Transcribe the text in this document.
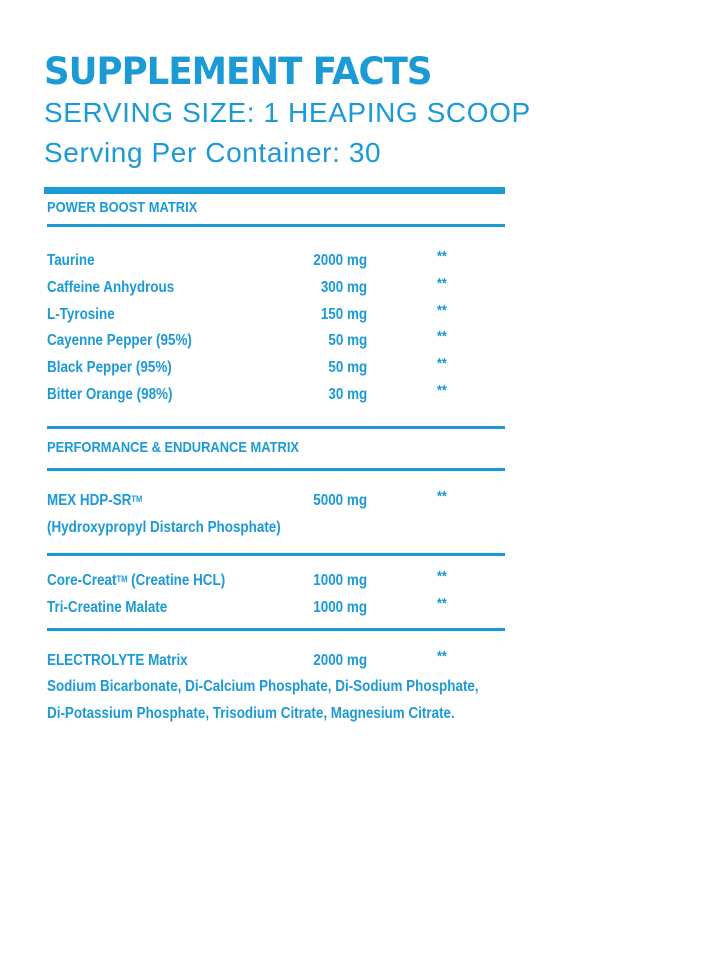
SUPPLEMENT FACTS
SERVING SIZE: 1 HEAPING SCOOP
Serving Per Container: 30
POWER BOOST MATRIX
Taurine	2000 mg	**
Caffeine Anhydrous	300 mg	**
L-Tyrosine	150 mg	**
Cayenne Pepper (95%)	50 mg	**
Black Pepper (95%)	50 mg	**
Bitter Orange (98%)	30 mg	**
PERFORMANCE & ENDURANCE MATRIX
MEX HDP-SR™	5000 mg	**
(Hydroxypropyl Distarch Phosphate)
Core-Creat™ (Creatine HCL)	1000 mg	**
Tri-Creatine Malate	1000 mg	**
ELECTROLYTE Matrix	2000 mg	**
Sodium Bicarbonate, Di-Calcium Phosphate, Di-Sodium Phosphate,
Di-Potassium Phosphate, Trisodium Citrate, Magnesium Citrate.
